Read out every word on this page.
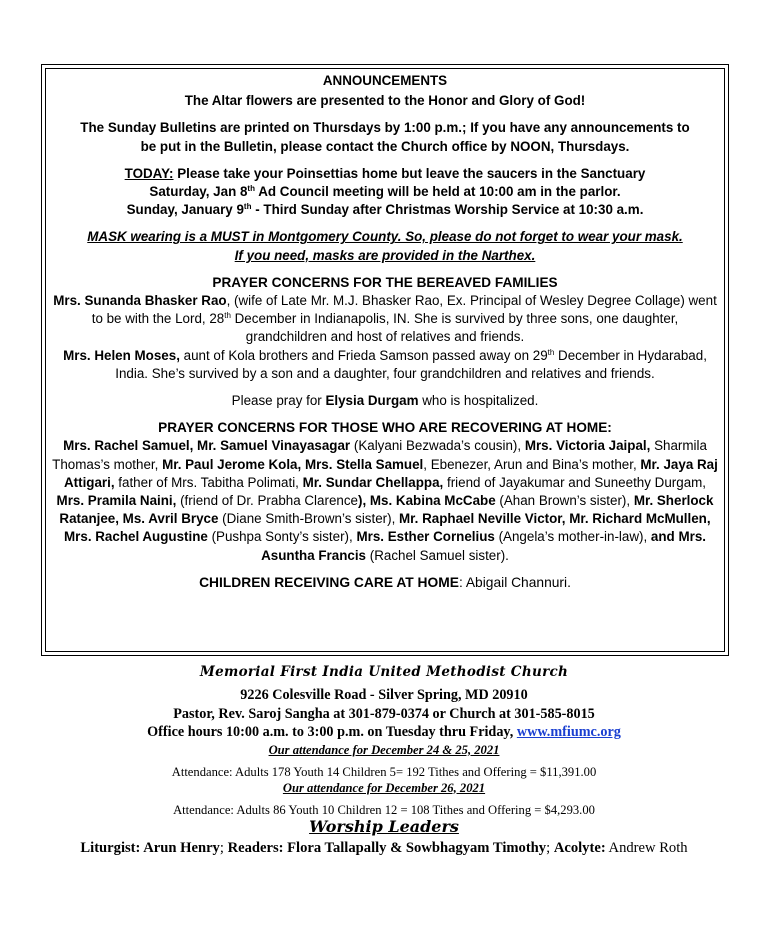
ANNOUNCEMENTS

The Altar flowers are presented to the Honor and Glory of God!

The Sunday Bulletins are printed on Thursdays by 1:00 p.m.; If you have any announcements to
be put in the Bulletin, please contact the Church office by NOON, Thursdays.

TODAY: Please take your Poinsettias home but leave the saucers in the Sanctuary
Saturday, Jan 8th Ad Council meeting will be held at 10:00 am in the parlor.
Sunday, January 9th - Third Sunday after Christmas Worship Service at 10:30 a.m.

MASK wearing is a MUST in Montgomery County. So, please do not forget to wear your mask.
If you need, masks are provided in the Narthex.

PRAYER CONCERNS FOR THE BEREAVED FAMILIES

Mrs. Sunanda Bhasker Rao, (wife of Late Mr. M.J. Bhasker Rao, Ex. Principal of Wesley Degree Collage) went to be with the Lord, 28th December in Indianapolis, IN. She is survived by three sons, one daughter, grandchildren and host of relatives and friends.

Mrs. Helen Moses, aunt of Kola brothers and Frieda Samson passed away on 29th December in Hydarabad, India. She’s survived by a son and a daughter, four grandchildren and relatives and friends.

Please pray for Elysia Durgam who is hospitalized.

PRAYER CONCERNS FOR THOSE WHO ARE RECOVERING AT HOME:

Mrs. Rachel Samuel, Mr. Samuel Vinayasagar (Kalyani Bezwada’s cousin), Mrs. Victoria Jaipal, Sharmila Thomas’s mother, Mr. Paul Jerome Kola, Mrs. Stella Samuel, Ebenezer, Arun and Bina’s mother, Mr. Jaya Raj Attigari, father of Mrs. Tabitha Polimati, Mr. Sundar Chellappa, friend of Jayakumar and Suneethy Durgam, Mrs. Pramila Naini, (friend of Dr. Prabha Clarence), Ms. Kabina McCabe (Ahan Brown’s sister), Mr. Sherlock Ratanjee, Ms. Avril Bryce (Diane Smith-Brown’s sister), Mr. Raphael Neville Victor, Mr. Richard McMullen, Mrs. Rachel Augustine (Pushpa Sonty’s sister), Mrs. Esther Cornelius (Angela’s mother-in-law), and Mrs. Asuntha Francis (Rachel Samuel sister).

CHILDREN RECEIVING CARE AT HOME: Abigail Channuri.

Memorial First India United Methodist Church
9226 Colesville Road - Silver Spring, MD 20910
Pastor, Rev. Saroj Sangha at 301-879-0374 or Church at 301-585-8015
Office hours 10:00 a.m. to 3:00 p.m. on Tuesday thru Friday, www.mfiumc.org
Our attendance for December 24 & 25, 2021
Attendance: Adults 178 Youth 14 Children 5= 192 Tithes and Offering = $11,391.00
Our attendance for December 26, 2021
Attendance: Adults 86 Youth 10 Children 12 = 108 Tithes and Offering = $4,293.00
Worship Leaders
Liturgist: Arun Henry; Readers: Flora Tallapally & Sowbhagyam Timothy; Acolyte: Andrew Roth
